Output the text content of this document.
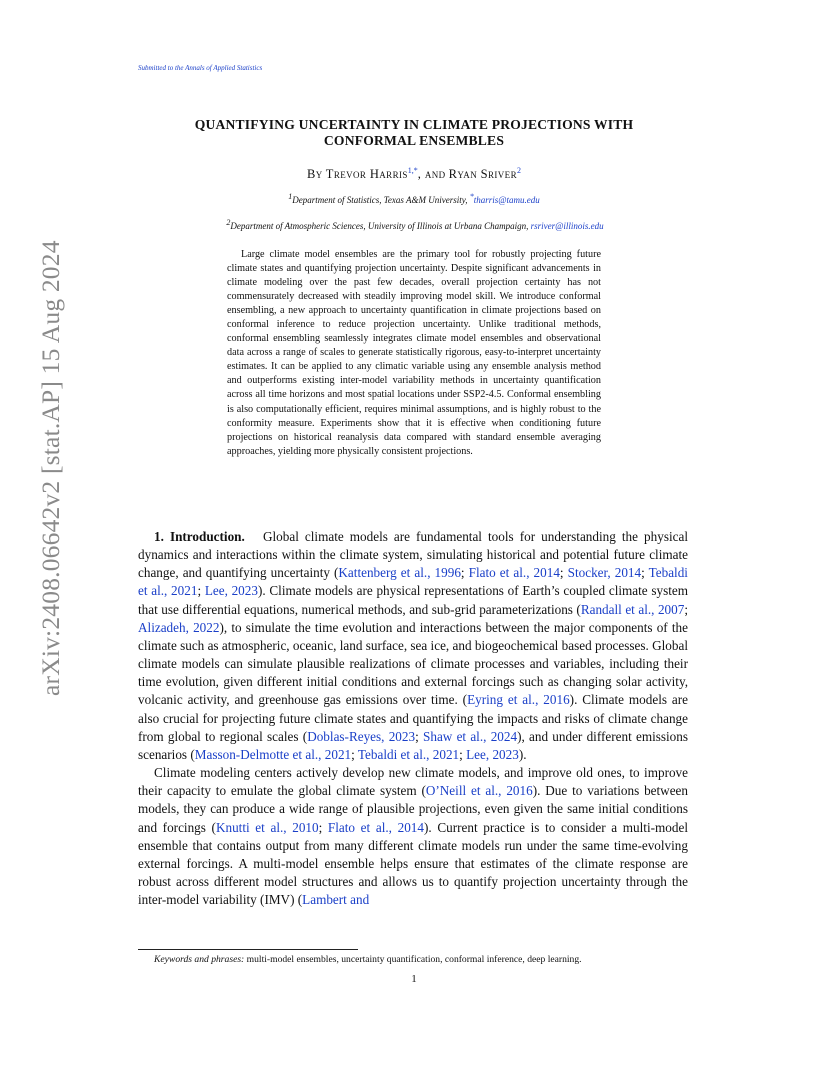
Submitted to the Annals of Applied Statistics
arXiv:2408.06642v2 [stat.AP] 15 Aug 2024
QUANTIFYING UNCERTAINTY IN CLIMATE PROJECTIONS WITH
CONFORMAL ENSEMBLES
By Trevor Harris$^{1,*}$, and Ryan Sriver$^2$
$^1$Department of Statistics, Texas A&M University, *tharris@tamu.edu
$^2$Department of Atmospheric Sciences, University of Illinois at Urbana Champaign, rsriver@illinois.edu
Large climate model ensembles are the primary tool for robustly projecting future climate states and quantifying projection uncertainty. Despite significant advancements in climate modeling over the past few decades, overall projection certainty has not commensurately decreased with steadily improving model skill. We introduce conformal ensembling, a new approach to uncertainty quantification in climate projections based on conformal inference to reduce projection uncertainty. Unlike traditional methods, conformal ensembling seamlessly integrates climate model ensembles and observational data across a range of scales to generate statistically rigorous, easy-to-interpret uncertainty estimates. It can be applied to any climatic variable using any ensemble analysis method and outperforms existing inter-model variability methods in uncertainty quantification across all time horizons and most spatial locations under SSP2-4.5. Conformal ensembling is also computationally efficient, requires minimal assumptions, and is highly robust to the conformity measure. Experiments show that it is effective when conditioning future projections on historical reanalysis data compared with standard ensemble averaging approaches, yielding more physically consistent projections.

1. Introduction. Global climate models are fundamental tools for understanding the physical dynamics and interactions within the climate system, simulating historical and potential future climate change, and quantifying uncertainty (Kattenberg et al., 1996; Flato et al., 2014; Stocker, 2014; Tebaldi et al., 2021; Lee, 2023). Climate models are physical representations of Earth’s coupled climate system that use differential equations, numerical methods, and sub-grid parameterizations (Randall et al., 2007; Alizadeh, 2022), to simulate the time evolution and interactions between the major components of the climate such as atmospheric, oceanic, land surface, sea ice, and biogeochemical based processes. Global climate models can simulate plausible realizations of climate processes and variables, including their time evolution, given different initial conditions and external forcings such as changing solar activity, volcanic activity, and greenhouse gas emissions over time. (Eyring et al., 2016). Climate models are also crucial for projecting future climate states and quantifying the impacts and risks of climate change from global to regional scales (Doblas-Reyes, 2023; Shaw et al., 2024), and under different emissions scenarios (Masson-Delmotte et al., 2021; Tebaldi et al., 2021; Lee, 2023).

Climate modeling centers actively develop new climate models, and improve old ones, to improve their capacity to emulate the global climate system (O’Neill et al., 2016). Due to variations between models, they can produce a wide range of plausible projections, even given the same initial conditions and forcings (Knutti et al., 2010; Flato et al., 2014). Current practice is to consider a multi-model ensemble that contains output from many different climate models run under the same time-evolving external forcings. A multi-model ensemble helps ensure that estimates of the climate response are robust across different model structures and allows us to quantify projection uncertainty through the inter-model variability (IMV) (Lambert and

Keywords and phrases: multi-model ensembles, uncertainty quantification, conformal inference, deep learning.
1
